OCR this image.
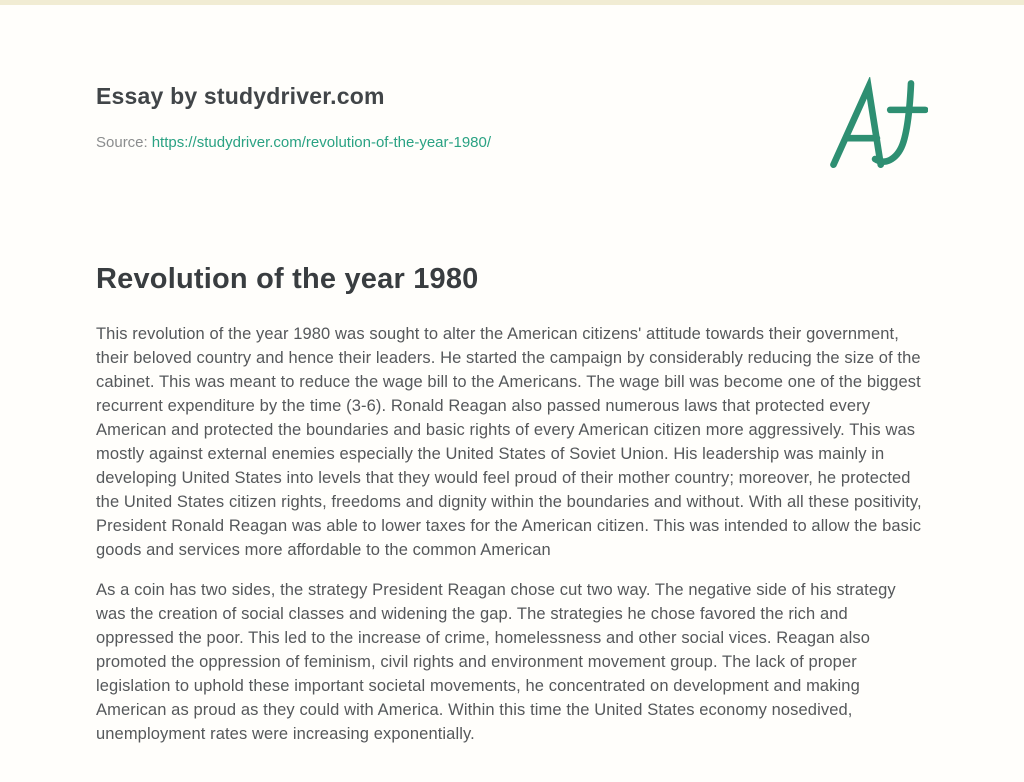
Essay by studydriver.com
Source: https://studydriver.com/revolution-of-the-year-1980/
Revolution of the year 1980

This revolution of the year 1980 was sought to alter the American citizens' attitude towards their government, their beloved country and hence their leaders. He started the campaign by considerably reducing the size of the cabinet. This was meant to reduce the wage bill to the Americans. The wage bill was become one of the biggest recurrent expenditure by the time (3-6). Ronald Reagan also passed numerous laws that protected every American and protected the boundaries and basic rights of every American citizen more aggressively. This was mostly against external enemies especially the United States of Soviet Union. His leadership was mainly in developing United States into levels that they would feel proud of their mother country; moreover, he protected the United States citizen rights, freedoms and dignity within the boundaries and without. With all these positivity, President Ronald Reagan was able to lower taxes for the American citizen. This was intended to allow the basic goods and services more affordable to the common American

As a coin has two sides, the strategy President Reagan chose cut two way. The negative side of his strategy was the creation of social classes and widening the gap. The strategies he chose favored the rich and oppressed the poor. This led to the increase of crime, homelessness and other social vices. Reagan also promoted the oppression of feminism, civil rights and environment movement group. The lack of proper legislation to uphold these important societal movements, he concentrated on development and making American as proud as they could with America. Within this time the United States economy nosedived, unemployment rates were increasing exponentially.
